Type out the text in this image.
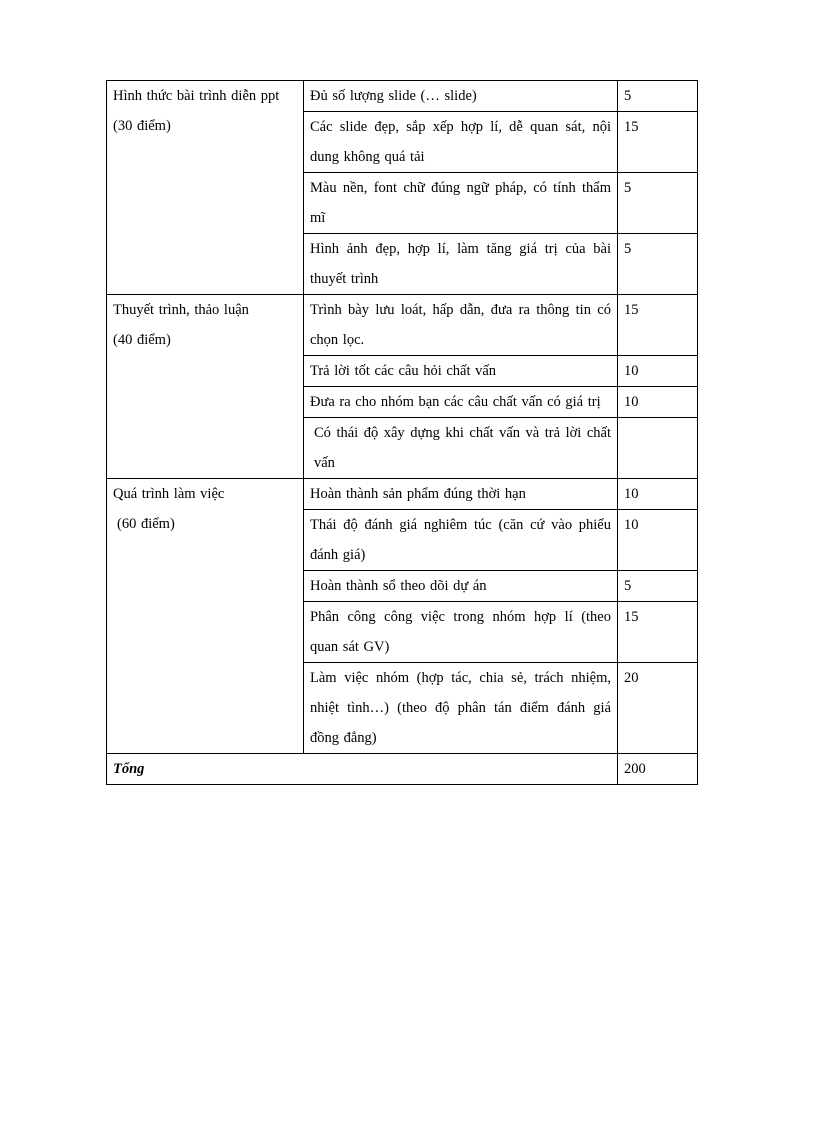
Hình thức bài trình diễn ppt
(30 điểm)	Đủ số lượng slide (… slide)	5
	Các slide đẹp, sắp xếp hợp lí, dễ quan sát, nội dung không quá tải	15
	Màu nền, font chữ đúng ngữ pháp, có tính thẩm mĩ	5
	Hình ảnh đẹp, hợp lí, làm tăng giá trị của bài thuyết trình	5

Thuyết trình, thảo luận
(40 điểm)	Trình bày lưu loát, hấp dẫn, đưa ra thông tin có chọn lọc.	15
	Trả lời tốt các câu hỏi chất vấn	10
	Đưa ra cho nhóm bạn các câu chất vấn có giá trị	10
	Có thái độ xây dựng khi chất vấn và trả lời chất vấn	

Quá trình làm việc
(60 điểm)	Hoàn thành sản phẩm đúng thời hạn	10
	Thái độ đánh giá nghiêm túc (căn cứ vào phiếu đánh giá)	10
	Hoàn thành sổ theo dõi dự án	5
	Phân công công việc trong nhóm hợp lí (theo quan sát GV)	15
	Làm việc nhóm (hợp tác, chia sẻ, trách nhiệm, nhiệt tình…) (theo độ phân tán điểm đánh giá đồng đẳng)	20
Tổng		200
